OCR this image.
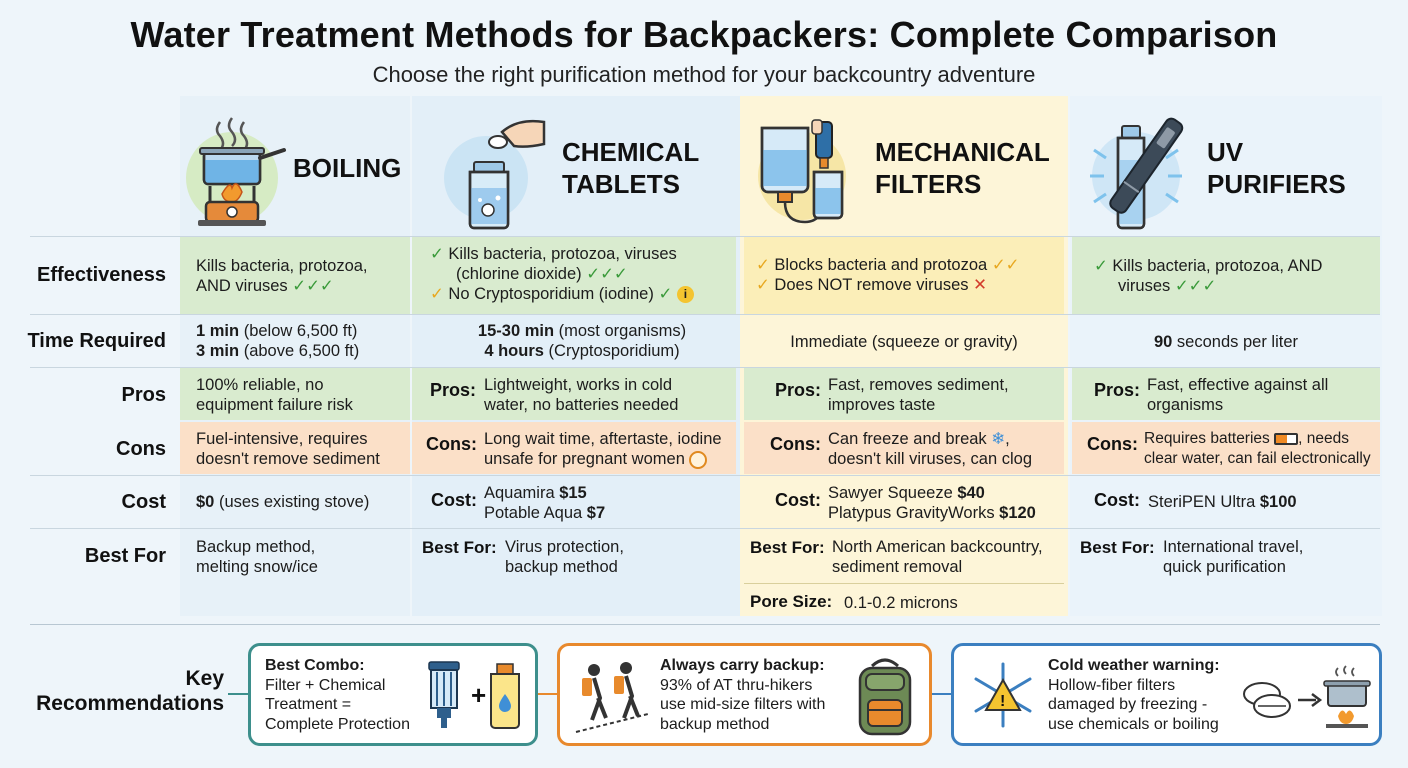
Water Treatment Methods for Backpackers: Complete Comparison
Choose the right purification method for your backcountry adventure
BOILING
CHEMICAL
TABLETS
MECHANICAL
FILTERS
UV
PURIFIERS
Effectiveness
Time Required
Pros
Cons
Cost
Best For
Kills bacteria, protozoa,
AND viruses ✓✓✓
1 min (below 6,500 ft)
3 min (above 6,500 ft)
100% reliable, no
equipment failure risk
Fuel-intensive, requires
doesn't remove sediment
$0 (uses existing stove)
Backup method,
melting snow/ice
✓ Kills bacteria, protozoa, viruses
(chlorine dioxide) ✓✓✓
✓ No Cryptosporidium (iodine) ✓ i
15-30 min (most organisms)
4 hours (Cryptosporidium)
Pros: Lightweight, works in cold
water, no batteries needed
Cons: Long wait time, aftertaste, iodine
unsafe for pregnant women
Cost: Aquamira $15
Potable Aqua $7
Best For: Virus protection,
backup method
✓ Blocks bacteria and protozoa ✓✓
✓ Does NOT remove viruses ✕
Immediate (squeeze or gravity)
Pros: Fast, removes sediment,
improves taste
Cons: Can freeze and break ❄,
doesn't kill viruses, can clog
Cost: Sawyer Squeeze $40
Platypus GravityWorks $120
Best For: North American backcountry,
sediment removal
Pore Size: 0.1-0.2 microns
✓ Kills bacteria, protozoa, AND
viruses ✓✓✓
90 seconds per liter
Pros: Fast, effective against all
organisms
Cons: Requires batteries , needs
clear water, can fail electronically
Cost: SteriPEN Ultra $100
Best For: International travel,
quick purification
Key
Recommendations
Best Combo:
Filter + Chemical
Treatment =
Complete Protection
+
Always carry backup:
93% of AT thru-hikers
use mid-size filters with
backup method
!
Cold weather warning:
Hollow-fiber filters
damaged by freezing -
use chemicals or boiling
